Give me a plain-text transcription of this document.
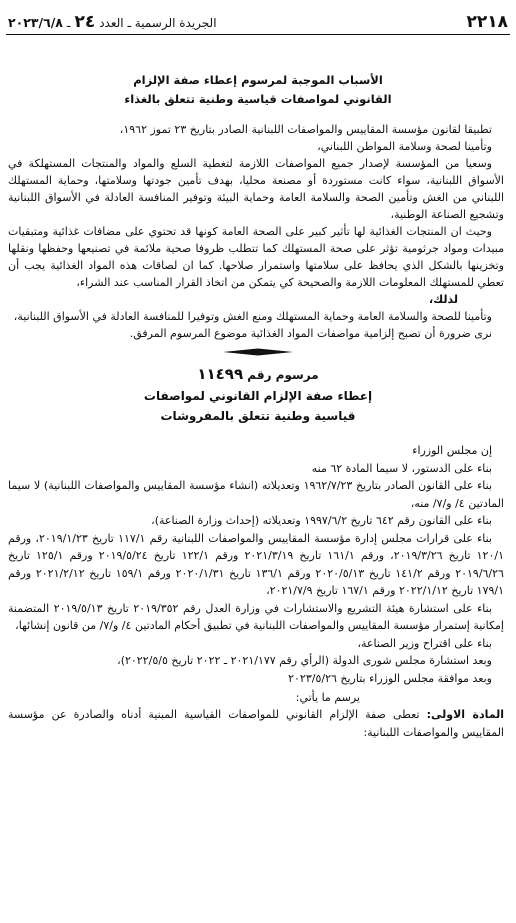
٢٢١٨
الجريدة الرسمية ـ العدد
٢٤
ـ
٢٠٢٣/٦/٨
الأسباب الموجبة لمرسوم إعطاء صفة الإلزام
القانوني لمواصفات قياسية وطنية تتعلق بالغذاء

تطبيقا لقانون مؤسسة المقاييس والمواصفات اللبنانية الصادر بتاريخ ٢٣ تموز ١٩٦٢،

وتأمينا لصحة وسلامة المواطن اللبناني،

وسعيا من المؤسسة لإصدار جميع المواصفات اللازمة لتغطية السلع والمواد والمنتجات المستهلكة في الأسواق اللبنانية، سواء كانت مستوردة أو مصنعة محليا، بهدف تأمين جودتها وسلامتها، وحماية المستهلك اللبناني من الغش وتأمين الصحة والسلامة العامة وحماية البيئة وتوفير المنافسة العادلة في الأسواق اللبنانية وتشجيع الصناعة الوطنية،

وحيث ان المنتجات الغذائية لها تأثير كبير على الصحة العامة كونها قد تحتوي على مضافات غذائية ومتبقيات مبيدات ومواد جرثومية تؤثر على صحة المستهلك كما تتطلب ظروفا صحية ملائمة في تصنيعها وحفظها ونقلها وتخزينها بالشكل الذي يحافظ على سلامتها واستمرار صلاحها. كما ان لصاقات هذه المواد الغذائية يجب أن تعطي للمستهلك المعلومات اللازمة والصحيحة كي يتمكن من اتخاذ القرار المناسب عند الشراء،

لذلك،

وتأمينا للصحة والسلامة العامة وحماية المستهلك ومنع الغش وتوفيرا للمنافسة العادلة في الأسواق اللبنانية،

نرى ضرورة أن تصبح إلزامية مواصفات المواد الغذائية موضوع المرسوم المرفق.

مرسوم رقم ١١٤٩٩
إعطاء صفة الإلزام القانوني لمواصفات
قياسية وطنية تتعلق بالمفروشات

إن مجلس الوزراء

بناء على الدستور، لا سيما المادة ٦٢ منه

بناء على القانون الصادر بتاريخ ١٩٦٢/٧/٢٣ وتعديلاته (انشاء مؤسسة المقاييس والمواصفات اللبنانية) لا سيما المادتين ٤/ و/٧/ منه،

بناء على القانون رقم ٦٤٢ تاريخ ١٩٩٧/٦/٢ وتعديلاته (إحداث وزارة الصناعة)،

بناء على قرارات مجلس إدارة مؤسسة المقاييس والمواصفات اللبنانية رقم ١١٧/١ تاريخ ٢٠١٩/١/٢٣، ورقم ١٢٠/١ تاريخ ٢٠١٩/٣/٢٦، ورقم ١٦١/١ تاريخ ٢٠٢١/٣/١٩ ورقم ١٢٢/١ تاريخ ٢٠١٩/٥/٢٤ ورقم ١٢٥/١ تاريخ ٢٠١٩/٦/٢٦ ورقم ١٤١/٢ تاريخ ٢٠٢٠/٥/١٣ ورقم ١٣٦/١ تاريخ ٢٠٢٠/١/٣١ ورقم ١٥٩/١ تاريخ ٢٠٢١/٢/١٢ ورقم ١٧٩/١ تاريخ ٢٠٢٢/١/١٢ ورقم ١٦٧/١ تاريخ ٢٠٢١/٧/٩،

بناء على استشارة هيئة التشريع والاستشارات في وزارة العدل رقم ٢٠١٩/٣٥٢ تاريخ ٢٠١٩/٥/١٣ المتضمنة إمكانية إستمرار مؤسسة المقاييس والمواصفات اللبنانية في تطبيق أحكام المادتين ٤/ و/٧/ من قانون إنشائها،

بناء على اقتراح وزير الصناعة،

وبعد استشارة مجلس شورى الدولة (الرأي رقم ٢٠٢١/١٧٧ ـ ٢٠٢٢ تاريخ ٢٠٢٢/٥/٥)،

وبعد موافقة مجلس الوزراء بتاريخ ٢٠٢٣/٥/٢٦

يرسم ما يأتي:

المادة الاولى: تعطى صفة الإلزام القانوني للمواصفات القياسية المبنية أدناه والصادرة عن مؤسسة المقاييس والمواصفات اللبنانية:
